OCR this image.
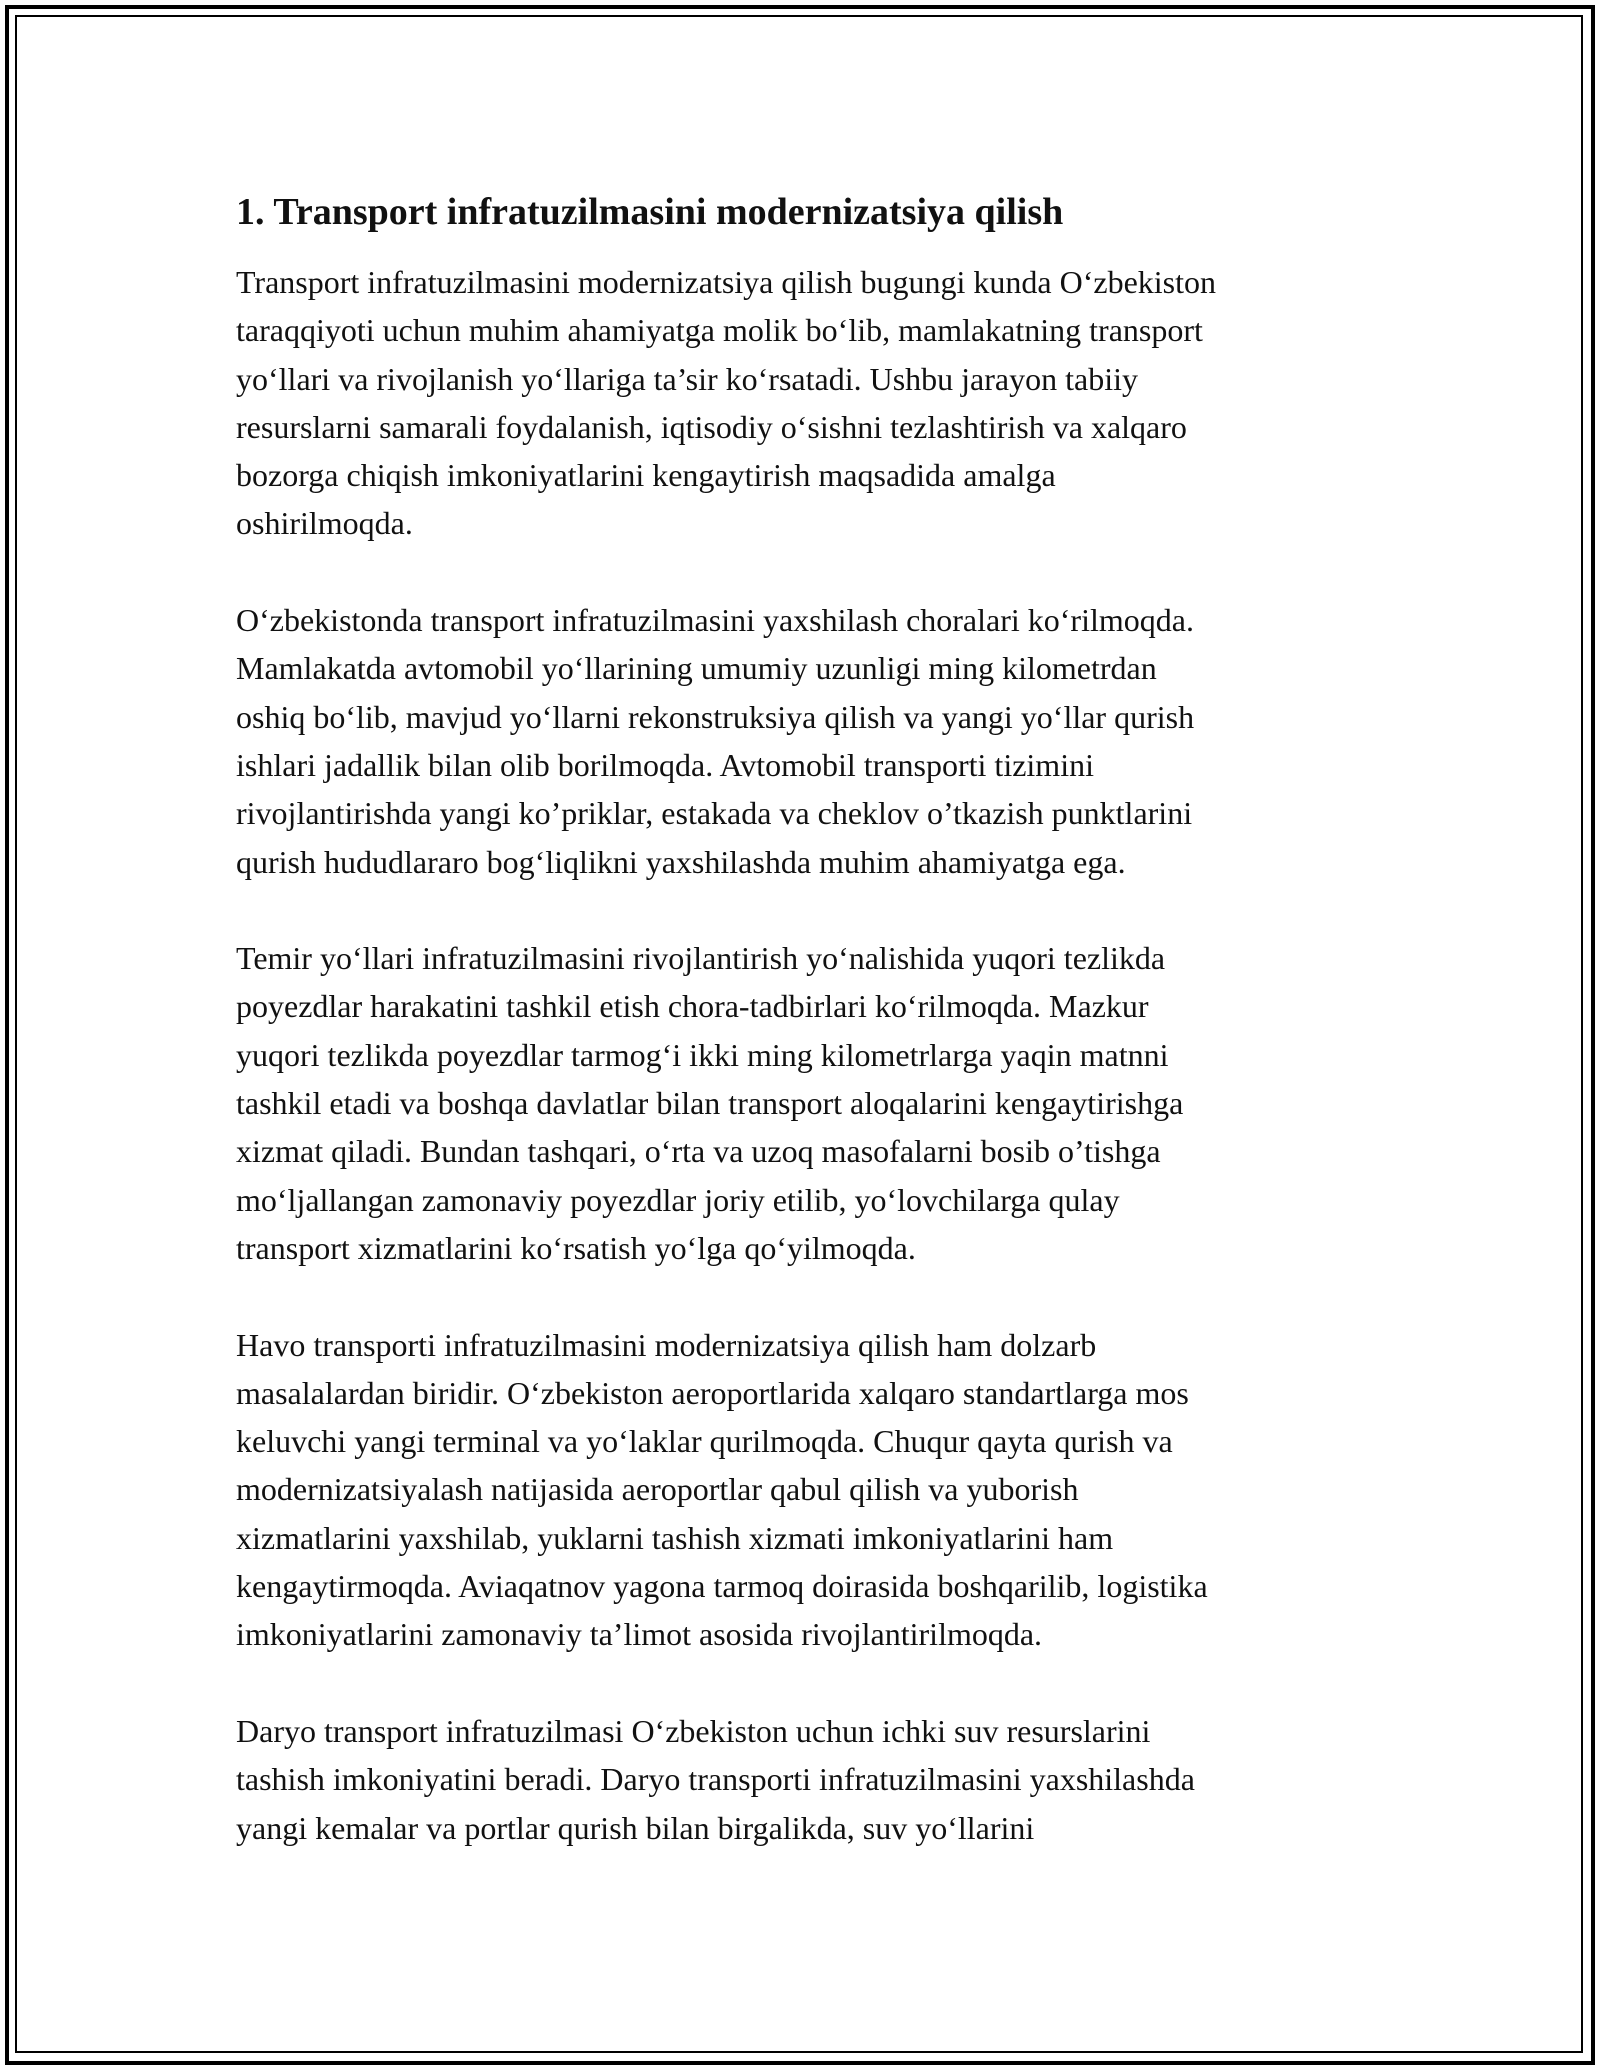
1. Transport infratuzilmasini modernizatsiya qilish

Transport infratuzilmasini modernizatsiya qilish bugungi kunda O‘zbekiston
taraqqiyoti uchun muhim ahamiyatga molik bo‘lib, mamlakatning transport
yo‘llari va rivojlanish yo‘llariga ta’sir ko‘rsatadi. Ushbu jarayon tabiiy
resurslarni samarali foydalanish, iqtisodiy o‘sishni tezlashtirish va xalqaro
bozorga chiqish imkoniyatlarini kengaytirish maqsadida amalga
oshirilmoqda.

O‘zbekistonda transport infratuzilmasini yaxshilash choralari ko‘rilmoqda.
Mamlakatda avtomobil yo‘llarining umumiy uzunligi ming kilometrdan
oshiq bo‘lib, mavjud yo‘llarni rekonstruksiya qilish va yangi yo‘llar qurish
ishlari jadallik bilan olib borilmoqda. Avtomobil transporti tizimini
rivojlantirishda yangi ko’priklar, estakada va cheklov o’tkazish punktlarini
qurish hududlararo bog‘liqlikni yaxshilashda muhim ahamiyatga ega.

Temir yo‘llari infratuzilmasini rivojlantirish yo‘nalishida yuqori tezlikda
poyezdlar harakatini tashkil etish chora-tadbirlari ko‘rilmoqda. Mazkur
yuqori tezlikda poyezdlar tarmog‘i ikki ming kilometrlarga yaqin matnni
tashkil etadi va boshqa davlatlar bilan transport aloqalarini kengaytirishga
xizmat qiladi. Bundan tashqari, o‘rta va uzoq masofalarni bosib o’tishga
mo‘ljallangan zamonaviy poyezdlar joriy etilib, yo‘lovchilarga qulay
transport xizmatlarini ko‘rsatish yo‘lga qo‘yilmoqda.

Havo transporti infratuzilmasini modernizatsiya qilish ham dolzarb
masalalardan biridir. O‘zbekiston aeroportlarida xalqaro standartlarga mos
keluvchi yangi terminal va yo‘laklar qurilmoqda. Chuqur qayta qurish va
modernizatsiyalash natijasida aeroportlar qabul qilish va yuborish
xizmatlarini yaxshilab, yuklarni tashish xizmati imkoniyatlarini ham
kengaytirmoqda. Aviaqatnov yagona tarmoq doirasida boshqarilib, logistika
imkoniyatlarini zamonaviy ta’limot asosida rivojlantirilmoqda.

Daryo transport infratuzilmasi O‘zbekiston uchun ichki suv resurslarini
tashish imkoniyatini beradi. Daryo transporti infratuzilmasini yaxshilashda
yangi kemalar va portlar qurish bilan birgalikda, suv yo‘llarini
